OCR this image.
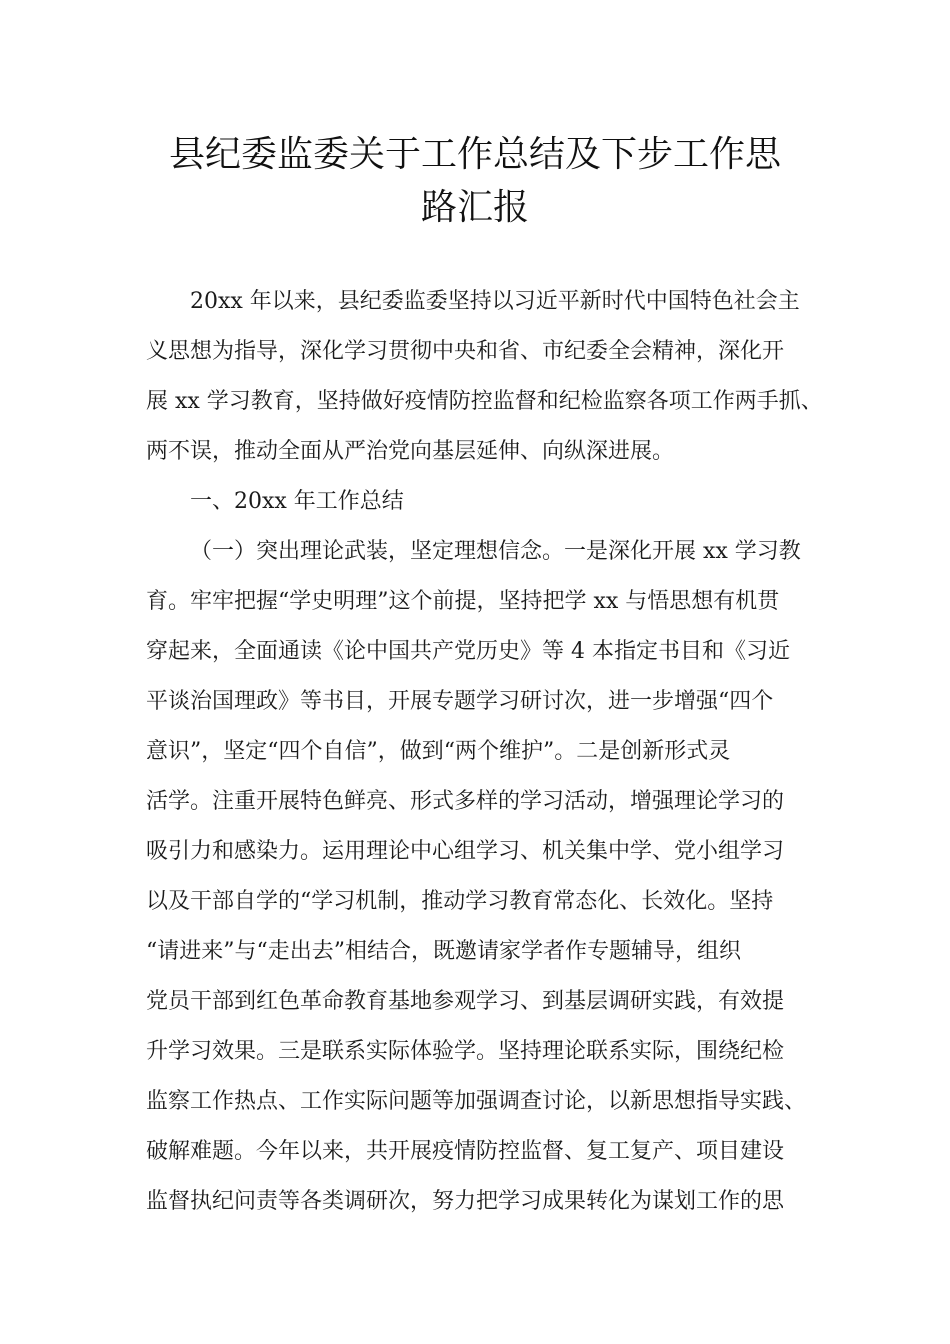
县纪委监委关于工作总结及下步工作思
路汇报
20xx 年以来，县纪委监委坚持以习近平新时代中国特色社会主
义思想为指导，深化学习贯彻中央和省、市纪委全会精神，深化开
展 xx 学习教育，坚持做好疫情防控监督和纪检监察各项工作两手抓、
两不误，推动全面从严治党向基层延伸、向纵深进展。
一、20xx 年工作总结
（一）突出理论武装，坚定理想信念。一是深化开展 xx 学习教
育。牢牢把握“学史明理”这个前提，坚持把学 xx 与悟思想有机贯
穿起来，全面通读《论中国共产党历史》等 4 本指定书目和《习近
平谈治国理政》等书目，开展专题学习研讨次，进一步增强“四个
意识”，坚定“四个自信”，做到“两个维护”。二是创新形式灵
活学。注重开展特色鲜亮、形式多样的学习活动，增强理论学习的
吸引力和感染力。运用理论中心组学习、机关集中学、党小组学习
以及干部自学的“学习机制，推动学习教育常态化、长效化。坚持
“请进来”与“走出去”相结合，既邀请家学者作专题辅导，组织
党员干部到红色革命教育基地参观学习、到基层调研实践，有效提
升学习效果。三是联系实际体验学。坚持理论联系实际，围绕纪检
监察工作热点、工作实际问题等加强调查讨论，以新思想指导实践、
破解难题。今年以来，共开展疫情防控监督、复工复产、项目建设
监督执纪问责等各类调研次，努力把学习成果转化为谋划工作的思
